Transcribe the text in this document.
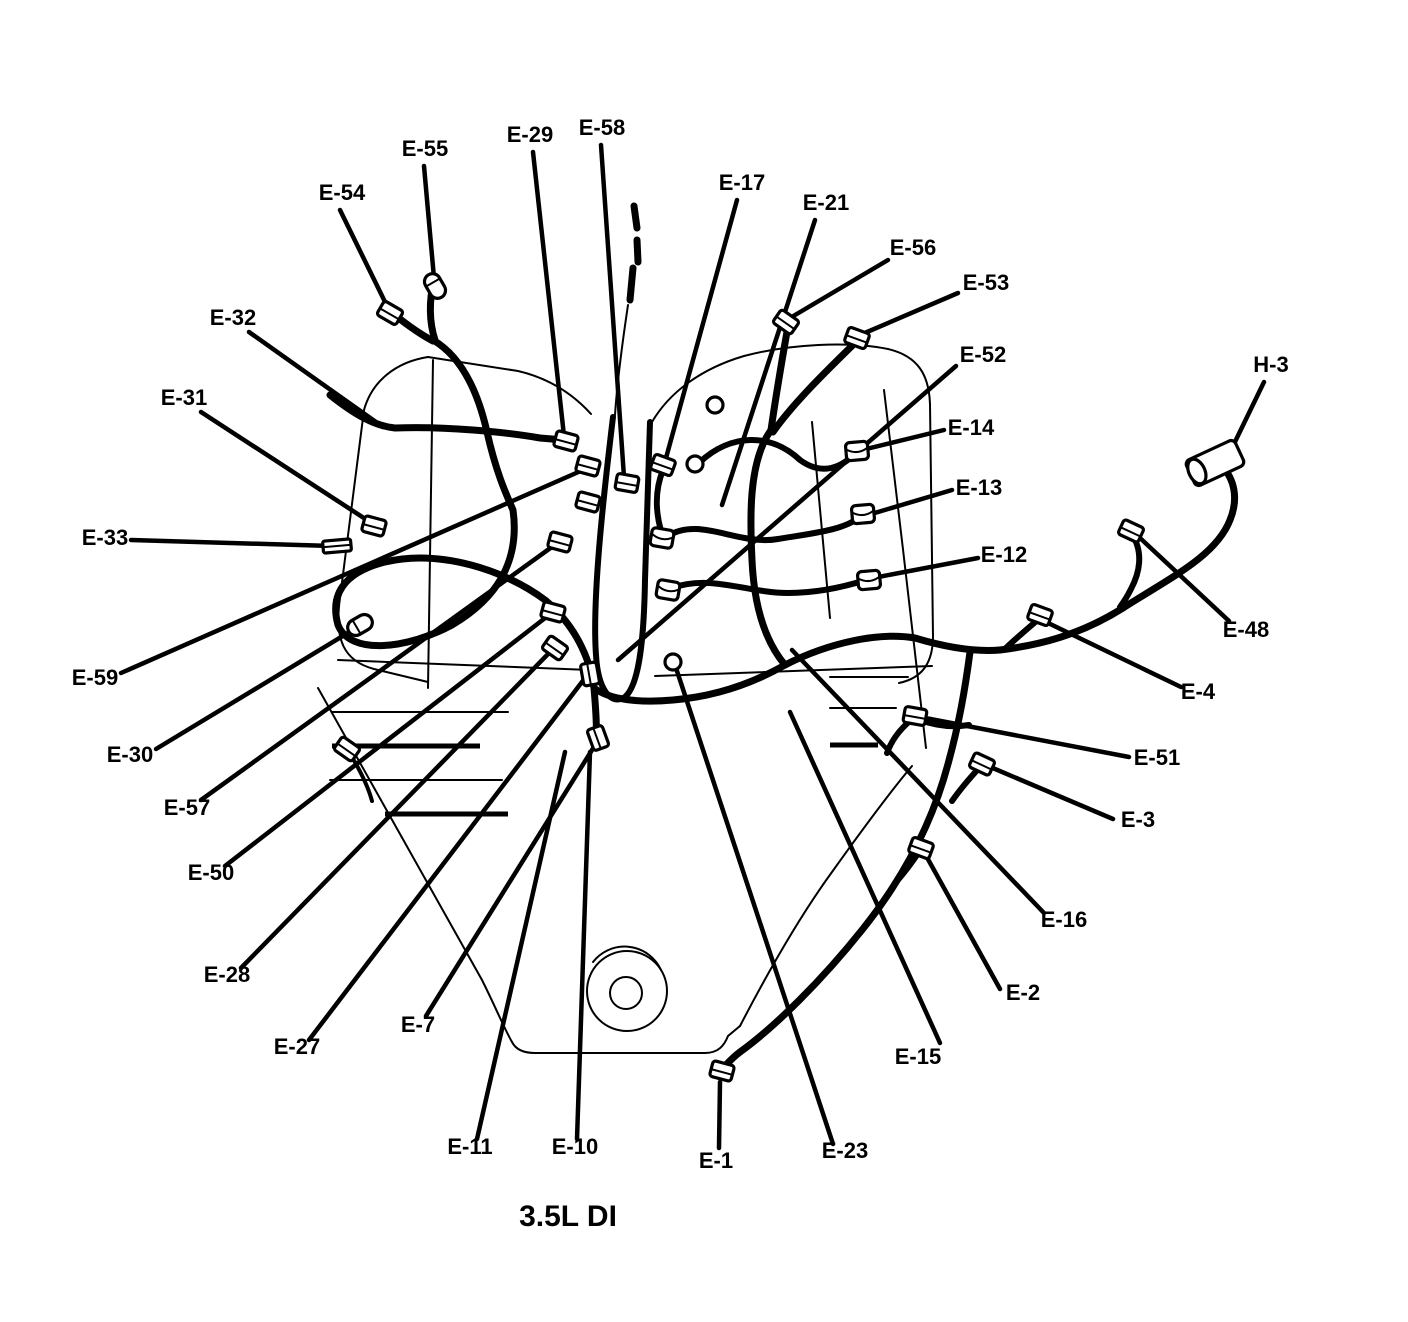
E-54
E-55
E-29 E-58
E-17
E-21
E-56
E-53
E-52
E-14
E-13
E-12
H-3
E-48
E-4
E-51
E-3
E-16
E-2
E-15
E-23
E-1
E-10
E-11
E-7
E-27
E-28
E-50
E-57
E-30
E-59
E-33
E-31
E-32
3.5L DI
